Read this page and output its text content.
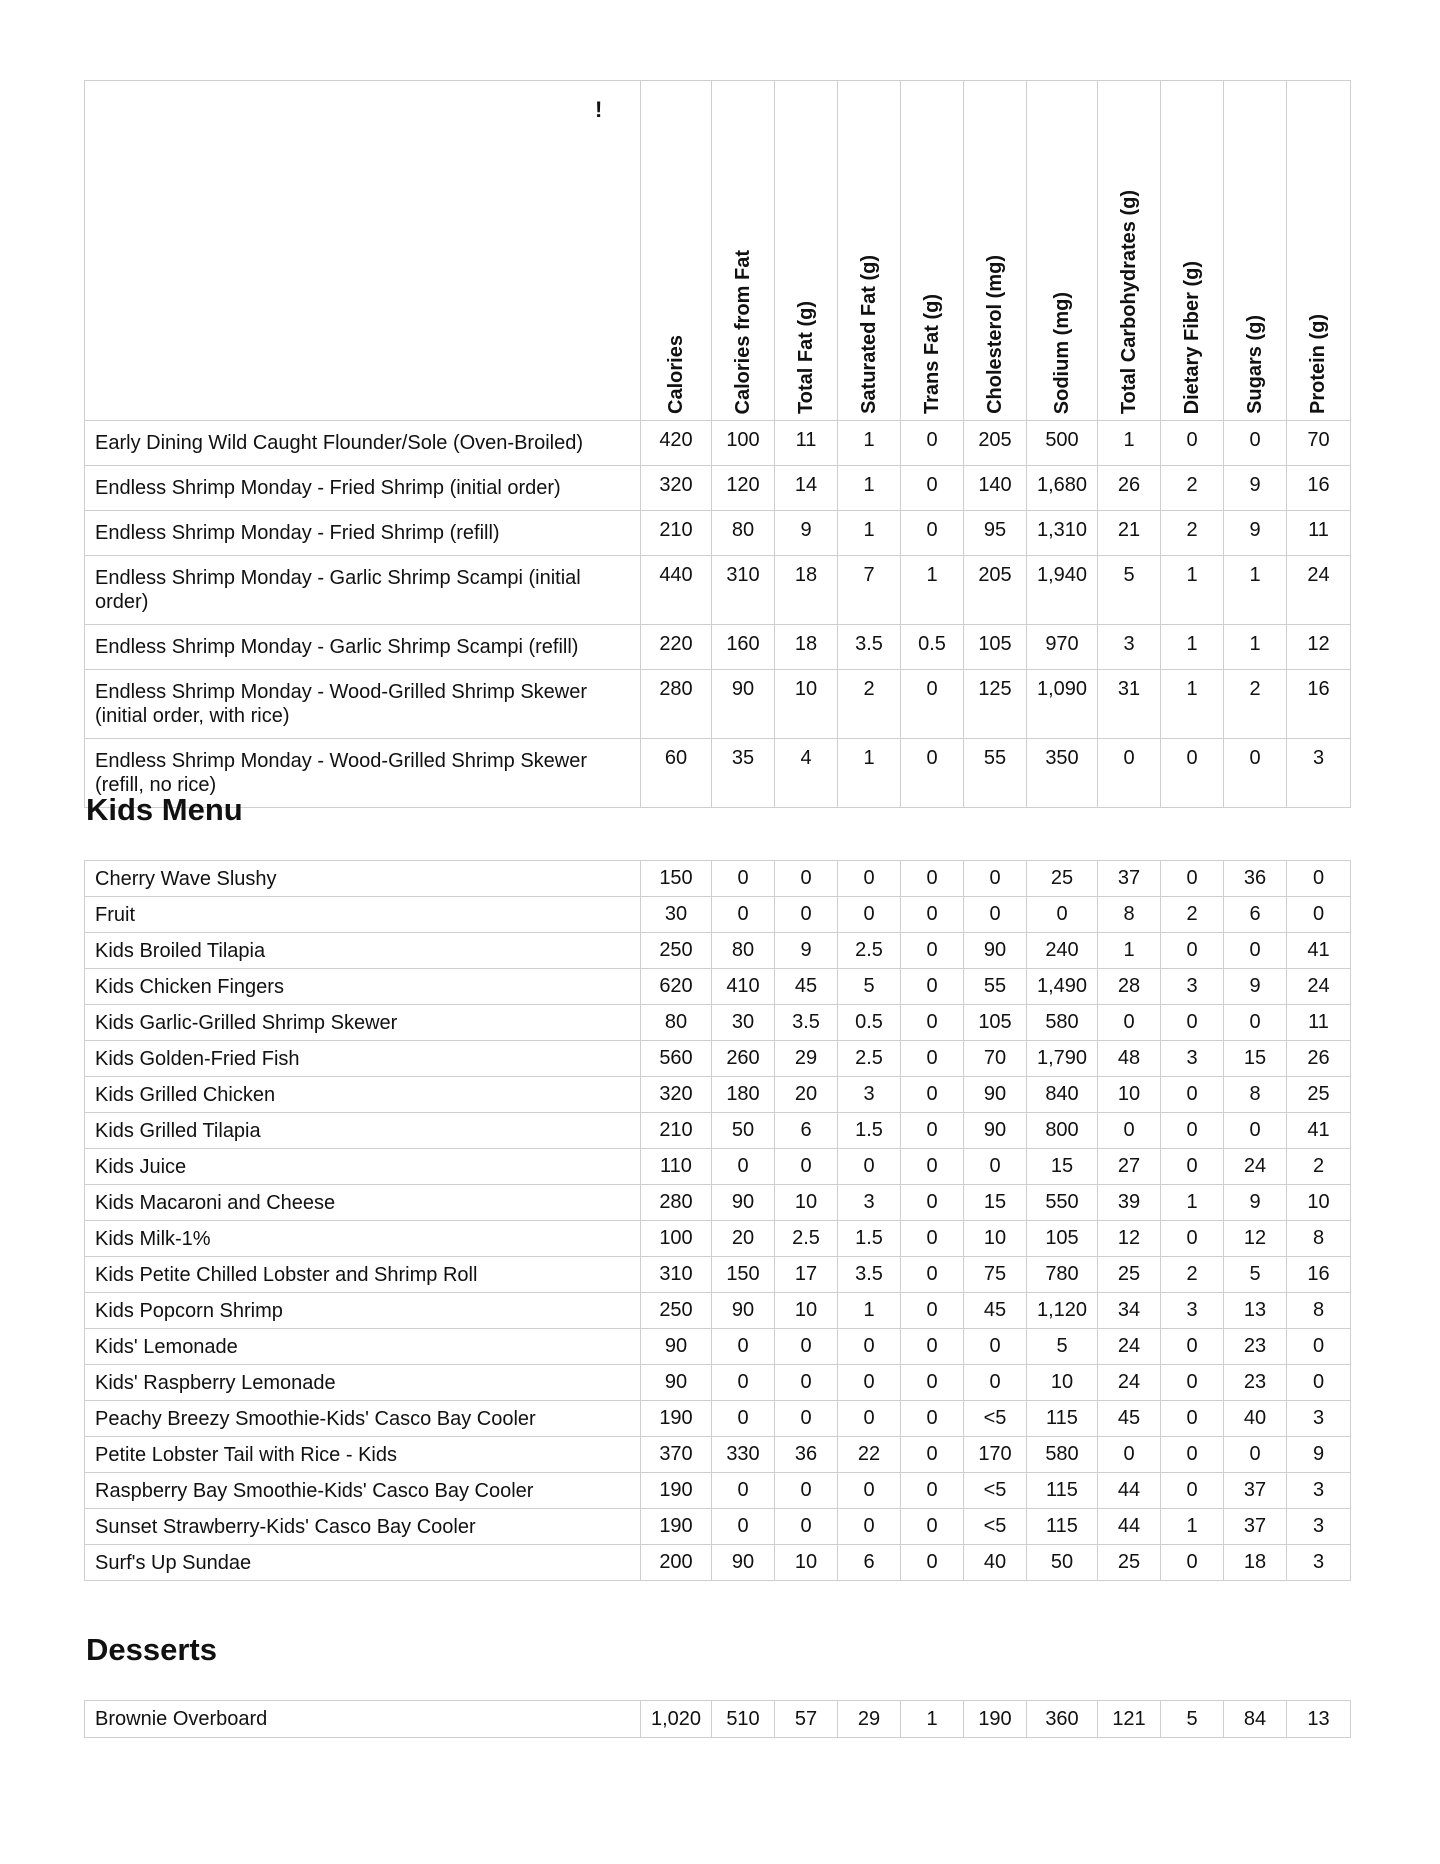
!	Calories	Calories from Fat	Total Fat (g)	Saturated Fat (g)	Trans Fat (g)	Cholesterol (mg)	Sodium (mg)	Total Carbohydrates (g)	Dietary Fiber (g)	Sugars (g)	Protein (g)
Early Dining Wild Caught Flounder/Sole (Oven-Broiled)	420	100	11	1	0	205	500	1	0	0	70
Endless Shrimp Monday - Fried Shrimp (initial order)	320	120	14	1	0	140	1,680	26	2	9	16
Endless Shrimp Monday - Fried Shrimp (refill)	210	80	9	1	0	95	1,310	21	2	9	11
Endless Shrimp Monday - Garlic Shrimp Scampi (initial order)	440	310	18	7	1	205	1,940	5	1	1	24
Endless Shrimp Monday - Garlic Shrimp Scampi (refill)	220	160	18	3.5	0.5	105	970	3	1	1	12
Endless Shrimp Monday - Wood-Grilled Shrimp Skewer (initial order, with rice)	280	90	10	2	0	125	1,090	31	1	2	16
Endless Shrimp Monday - Wood-Grilled Shrimp Skewer (refill, no rice)	60	35	4	1	0	55	350	0	0	0	3
Kids Menu
Cherry Wave Slushy	150	0	0	0	0	0	25	37	0	36	0
Fruit	30	0	0	0	0	0	0	8	2	6	0
Kids Broiled Tilapia	250	80	9	2.5	0	90	240	1	0	0	41
Kids Chicken Fingers	620	410	45	5	0	55	1,490	28	3	9	24
Kids Garlic-Grilled Shrimp Skewer	80	30	3.5	0.5	0	105	580	0	0	0	11
Kids Golden-Fried Fish	560	260	29	2.5	0	70	1,790	48	3	15	26
Kids Grilled Chicken	320	180	20	3	0	90	840	10	0	8	25
Kids Grilled Tilapia	210	50	6	1.5	0	90	800	0	0	0	41
Kids Juice	110	0	0	0	0	0	15	27	0	24	2
Kids Macaroni and Cheese	280	90	10	3	0	15	550	39	1	9	10
Kids Milk-1%	100	20	2.5	1.5	0	10	105	12	0	12	8
Kids Petite Chilled Lobster and Shrimp Roll	310	150	17	3.5	0	75	780	25	2	5	16
Kids Popcorn Shrimp	250	90	10	1	0	45	1,120	34	3	13	8
Kids' Lemonade	90	0	0	0	0	0	5	24	0	23	0
Kids' Raspberry Lemonade	90	0	0	0	0	0	10	24	0	23	0
Peachy Breezy Smoothie-Kids' Casco Bay Cooler	190	0	0	0	0	<5	115	45	0	40	3
Petite Lobster Tail with Rice - Kids	370	330	36	22	0	170	580	0	0	0	9
Raspberry Bay Smoothie-Kids' Casco Bay Cooler	190	0	0	0	0	<5	115	44	0	37	3
Sunset Strawberry-Kids' Casco Bay Cooler	190	0	0	0	0	<5	115	44	1	37	3
Surf's Up Sundae	200	90	10	6	0	40	50	25	0	18	3
Desserts
Brownie Overboard	1,020	510	57	29	1	190	360	121	5	84	13
